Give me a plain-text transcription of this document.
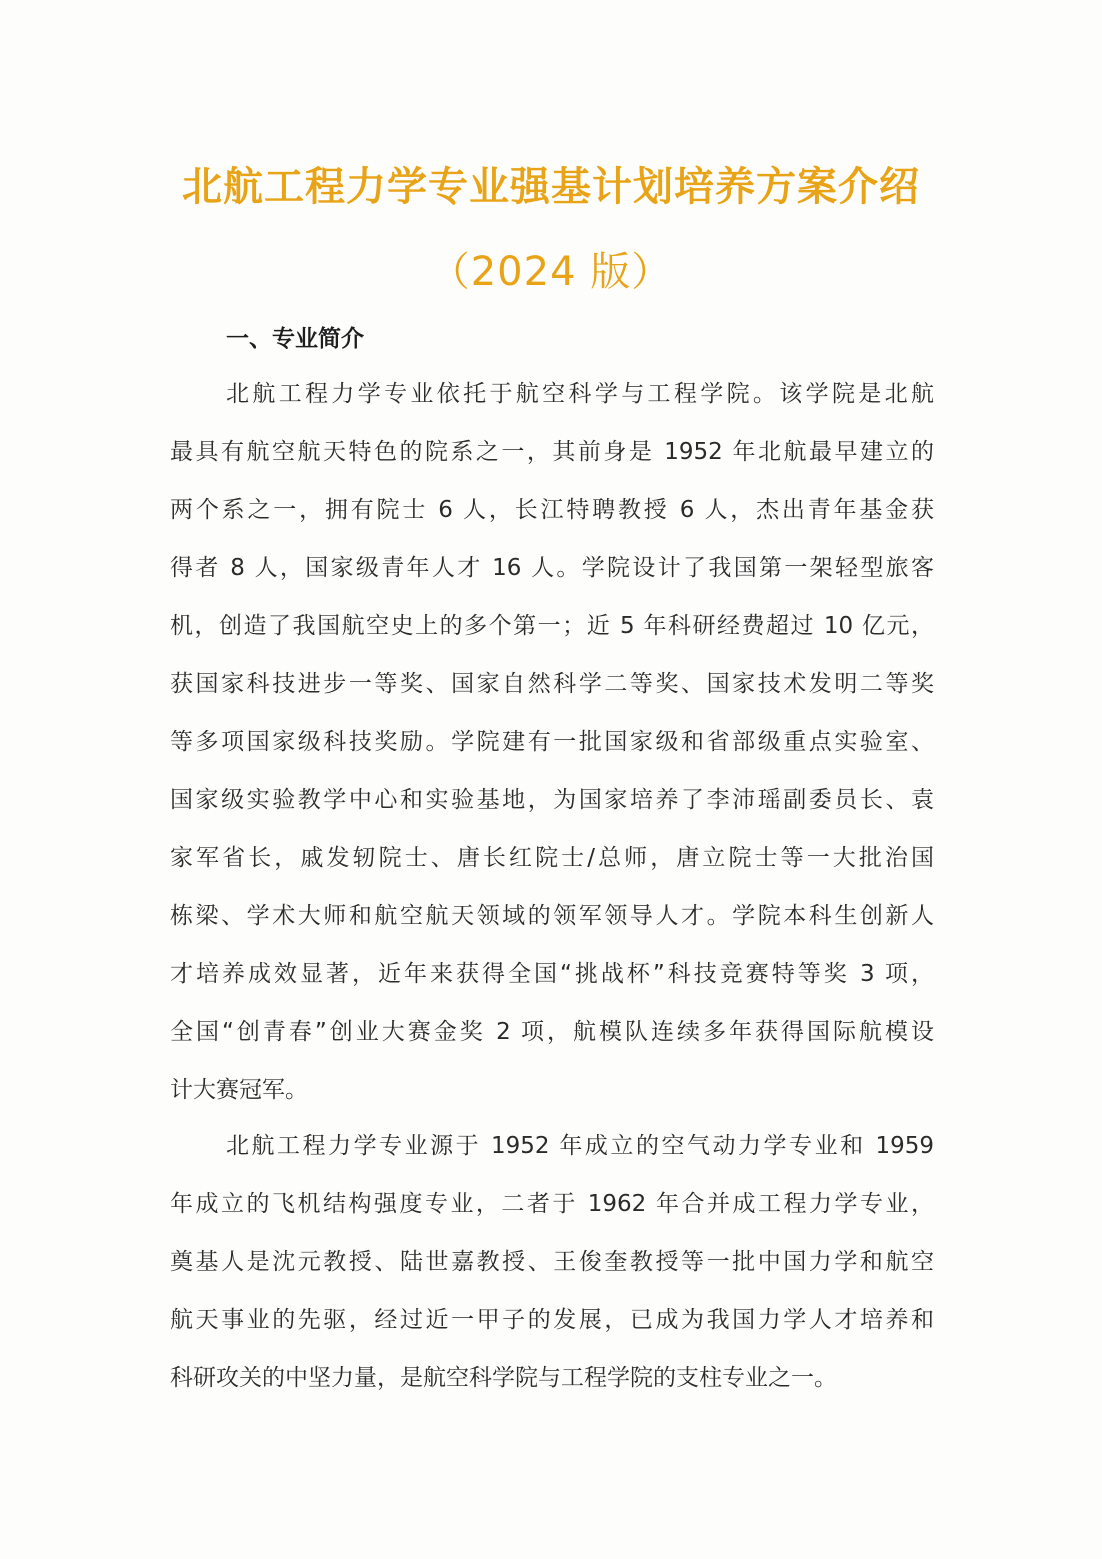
北航工程力学专业强基计划培养方案介绍
（2024 版）
一、专业简介
北航工程力学专业依托于航空科学与工程学院。该学院是北航
最具有航空航天特色的院系之一，其前身是 1952 年北航最早建立的
两个系之一，拥有院士 6 人，长江特聘教授 6 人，杰出青年基金获
得者 8 人，国家级青年人才 16 人。学院设计了我国第一架轻型旅客
机，创造了我国航空史上的多个第一；近 5 年科研经费超过 10 亿元，
获国家科技进步一等奖、国家自然科学二等奖、国家技术发明二等奖
等多项国家级科技奖励。学院建有一批国家级和省部级重点实验室、
国家级实验教学中心和实验基地，为国家培养了李沛瑶副委员长、袁
家军省长，戚发轫院士、唐长红院士/总师，唐立院士等一大批治国
栋梁、学术大师和航空航天领域的领军领导人才。学院本科生创新人
才培养成效显著，近年来获得全国“挑战杯”科技竞赛特等奖 3 项，
全国“创青春”创业大赛金奖 2 项，航模队连续多年获得国际航模设
计大赛冠军。
北航工程力学专业源于 1952 年成立的空气动力学专业和 1959
年成立的飞机结构强度专业，二者于 1962 年合并成工程力学专业，
奠基人是沈元教授、陆世嘉教授、王俊奎教授等一批中国力学和航空
航天事业的先驱，经过近一甲子的发展，已成为我国力学人才培养和
科研攻关的中坚力量，是航空科学院与工程学院的支柱专业之一。
